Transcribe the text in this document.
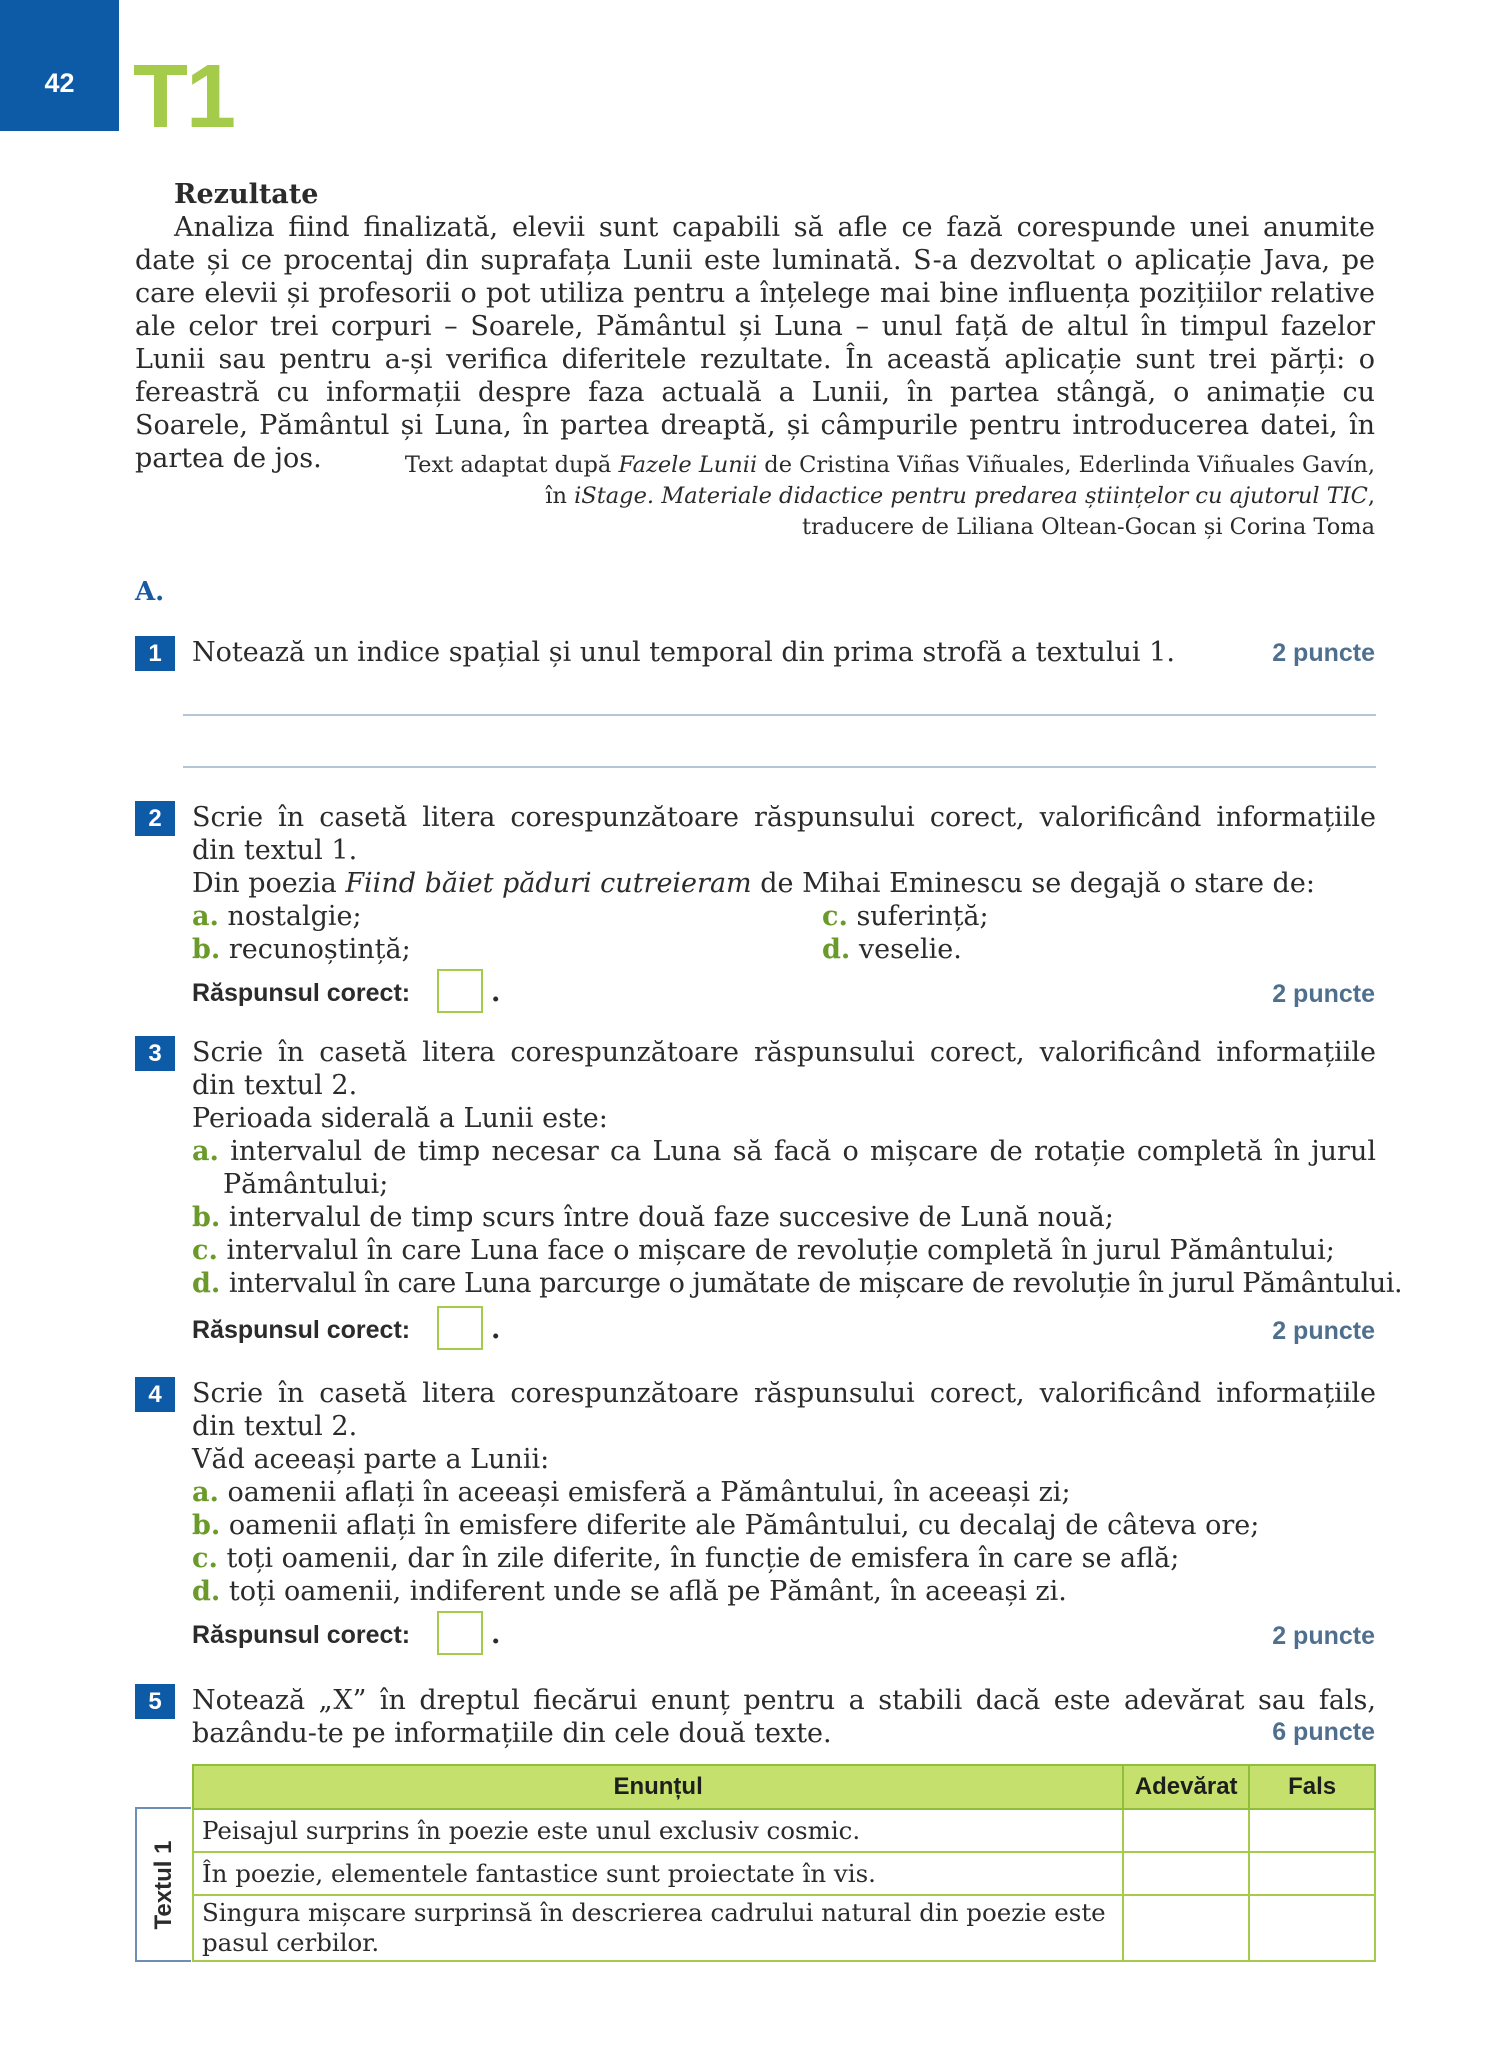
42 T1
Rezultate
Analiza fiind finalizată, elevii sunt capabili să afle ce fază corespunde unei anumite date și ce procentaj din suprafața Lunii este luminată. S-a dezvoltat o aplicație Java, pe care elevii și profesorii o pot utiliza pentru a înțelege mai bine influența pozițiilor relative ale celor trei corpuri – Soarele, Pământul și Luna – unul față de altul în timpul fazelor Lunii sau pentru a-și verifica diferitele rezultate. În această aplicație sunt trei părți: o fereastră cu informații despre faza actuală a Lunii, în partea stângă, o animație cu Soarele, Pământul și Luna, în partea dreaptă, și câmpurile pentru introducerea datei, în partea de jos.	Text adaptat după Fazele Lunii de Cristina Viñas Viñuales, Ederlinda Viñuales Gavín,
în iStage. Materiale didactice pentru predarea științelor cu ajutorul TIC,
traducere de Liliana Oltean-Gocan și Corina Toma
A.
1	Notează un indice spațial și unul temporal din prima strofă a textului 1.	2 puncte
2	Scrie în casetă litera corespunzătoare răspunsului corect, valorificând informațiile din textul 1.
Din poezia Fiind băiet păduri cutreieram de Mihai Eminescu se degajă o stare de:
a. nostalgie;	c. suferință;
b. recunoștință;	d. veselie.
Răspunsul corect:	.	2 puncte
3	Scrie în casetă litera corespunzătoare răspunsului corect, valorificând informațiile din textul 2.
Perioada siderală a Lunii este:
a. intervalul de timp necesar ca Luna să facă o mișcare de rotație completă în jurul Pământului;
b. intervalul de timp scurs între două faze succesive de Lună nouă;
c. intervalul în care Luna face o mișcare de revoluție completă în jurul Pământului;
d. intervalul în care Luna parcurge o jumătate de mișcare de revoluție în jurul Pământului.
Răspunsul corect:	.	2 puncte
4	Scrie în casetă litera corespunzătoare răspunsului corect, valorificând informațiile din textul 2.
Văd aceeași parte a Lunii:
a. oamenii aflați în aceeași emisferă a Pământului, în aceeași zi;
b. oamenii aflați în emisfere diferite ale Pământului, cu decalaj de câteva ore;
c. toți oamenii, dar în zile diferite, în funcție de emisfera în care se află;
d. toți oamenii, indiferent unde se află pe Pământ, în aceeași zi.
Răspunsul corect:	.	2 puncte
5	Notează „X” în dreptul fiecărui enunț pentru a stabili dacă este adevărat sau fals, bazându-te pe informațiile din cele două texte.	6 puncte
Textul 1
Enunțul	Adevărat	Fals
Peisajul surprins în poezie este unul exclusiv cosmic.		
În poezie, elementele fantastice sunt proiectate în vis.		
Singura mișcare surprinsă în descrierea cadrului natural din poezie este pasul cerbilor.		
